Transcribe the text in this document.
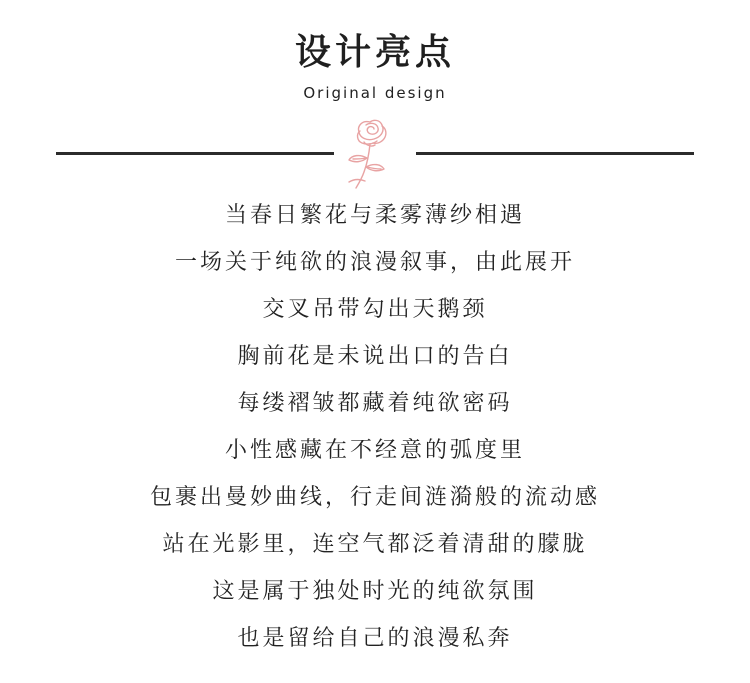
设计亮点
Original design
当春日繁花与柔雾薄纱相遇
一场关于纯欲的浪漫叙事，由此展开
交叉吊带勾出天鹅颈
胸前花是未说出口的告白
每缕褶皱都藏着纯欲密码
小性感藏在不经意的弧度里
包裹出曼妙曲线，行走间涟漪般的流动感
站在光影里，连空气都泛着清甜的朦胧
这是属于独处时光的纯欲氛围
也是留给自己的浪漫私奔
